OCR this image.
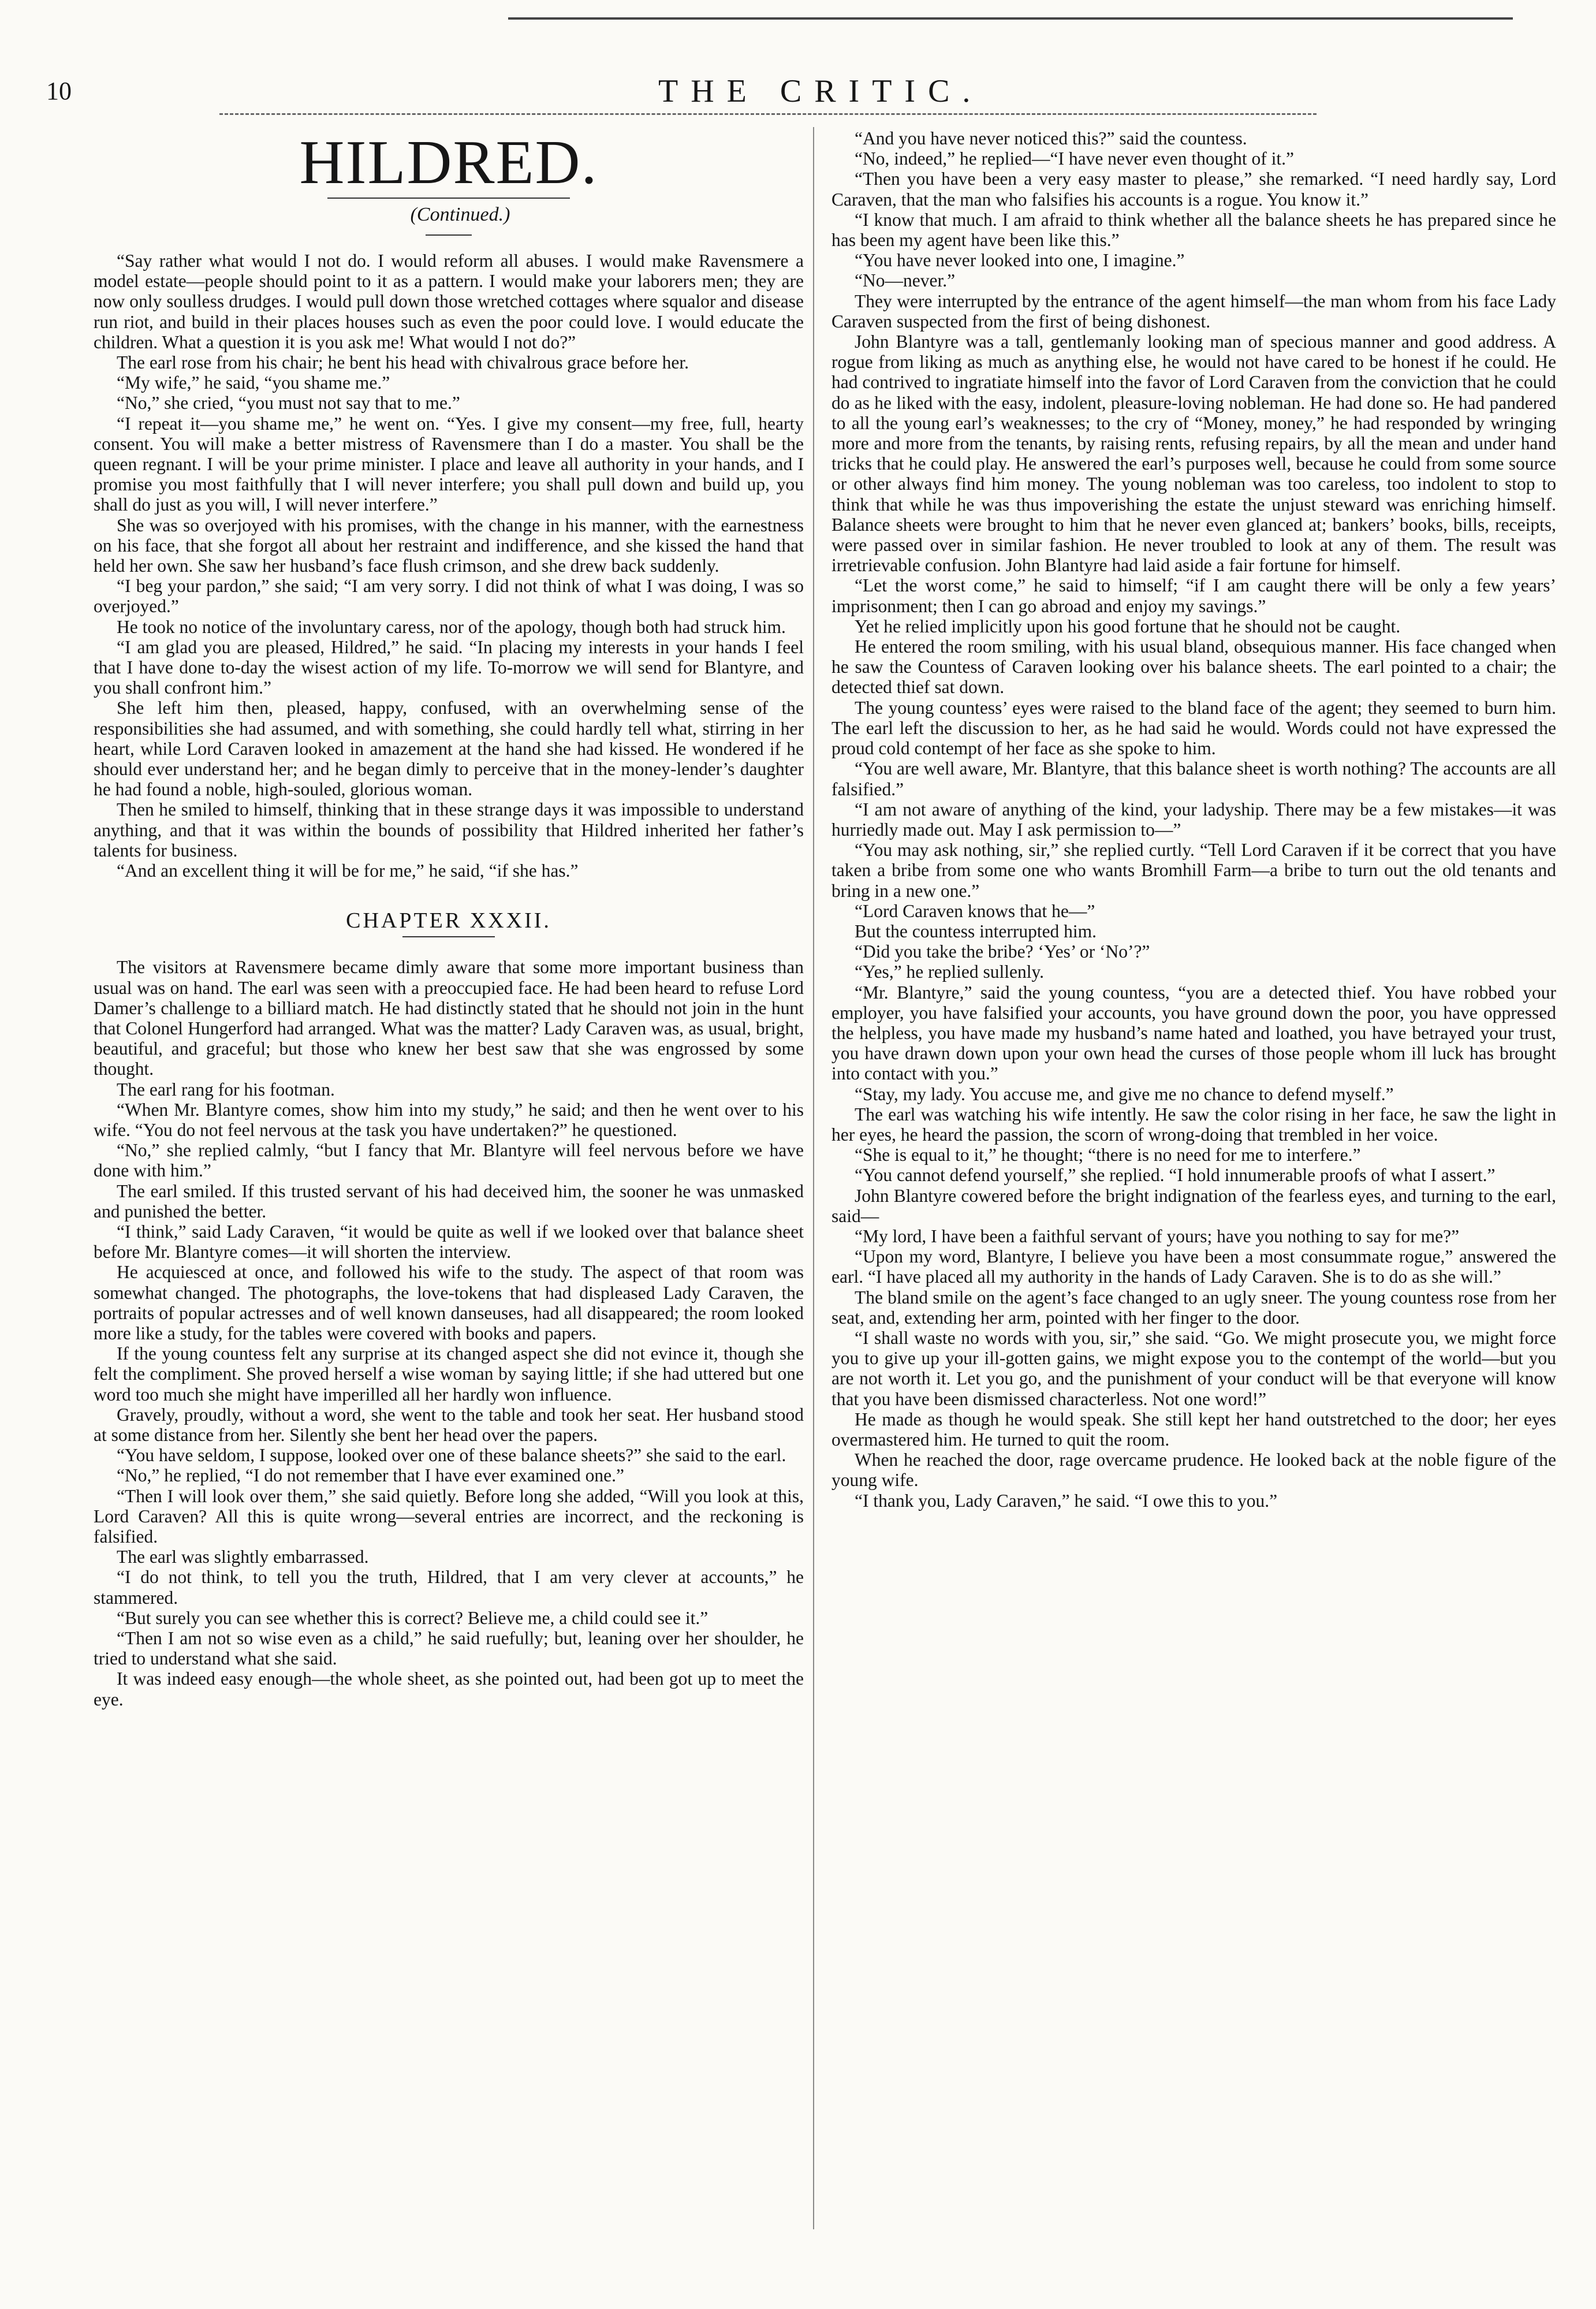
10	THE CRITIC.
HILDRED.

(Continued.)

“Say rather what would I not do. I would reform all abuses. I would make Ravensmere a model estate—people should point to it as a pattern. I would make your laborers men; they are now only soulless drudges. I would pull down those wretched cottages where squalor and disease run riot, and build in their places houses such as even the poor could love. I would educate the children. What a question it is you ask me! What would I not do?”

The earl rose from his chair; he bent his head with chivalrous grace before her.

“My wife,” he said, “you shame me.”

“No,” she cried, “you must not say that to me.”

“I repeat it—you shame me,” he went on. “Yes. I give my consent—my free, full, hearty consent. You will make a better mistress of Ravensmere than I do a master. You shall be the queen regnant. I will be your prime minister. I place and leave all authority in your hands, and I promise you most faithfully that I will never interfere; you shall pull down and build up, you shall do just as you will, I will never interfere.”

She was so overjoyed with his promises, with the change in his manner, with the earnestness on his face, that she forgot all about her restraint and indifference, and she kissed the hand that held her own. She saw her husband’s face flush crimson, and she drew back suddenly.

“I beg your pardon,” she said; “I am very sorry. I did not think of what I was doing, I was so overjoyed.”

He took no notice of the involuntary caress, nor of the apology, though both had struck him.

“I am glad you are pleased, Hildred,” he said. “In placing my interests in your hands I feel that I have done to-day the wisest action of my life. To-morrow we will send for Blantyre, and you shall confront him.”

She left him then, pleased, happy, confused, with an overwhelming sense of the responsibilities she had assumed, and with something, she could hardly tell what, stirring in her heart, while Lord Caraven looked in amazement at the hand she had kissed. He wondered if he should ever understand her; and he began dimly to perceive that in the money-lender’s daughter he had found a noble, high-souled, glorious woman.

Then he smiled to himself, thinking that in these strange days it was impossible to understand anything, and that it was within the bounds of possibility that Hildred inherited her father’s talents for business.

“And an excellent thing it will be for me,” he said, “if she has.”

CHAPTER XXXII.

The visitors at Ravensmere became dimly aware that some more important business than usual was on hand. The earl was seen with a preoccupied face. He had been heard to refuse Lord Damer’s challenge to a billiard match. He had distinctly stated that he should not join in the hunt that Colonel Hungerford had arranged. What was the matter? Lady Caraven was, as usual, bright, beautiful, and graceful; but those who knew her best saw that she was engrossed by some thought.

The earl rang for his footman.

“When Mr. Blantyre comes, show him into my study,” he said; and then he went over to his wife. “You do not feel nervous at the task you have undertaken?” he questioned.

“No,” she replied calmly, “but I fancy that Mr. Blantyre will feel nervous before we have done with him.”

The earl smiled. If this trusted servant of his had deceived him, the sooner he was unmasked and punished the better.

“I think,” said Lady Caraven, “it would be quite as well if we looked over that balance sheet before Mr. Blantyre comes—it will shorten the interview.

He acquiesced at once, and followed his wife to the study. The aspect of that room was somewhat changed. The photographs, the love-tokens that had displeased Lady Caraven, the portraits of popular actresses and of well known danseuses, had all disappeared; the room looked more like a study, for the tables were covered with books and papers.

If the young countess felt any surprise at its changed aspect she did not evince it, though she felt the compliment. She proved herself a wise woman by saying little; if she had uttered but one word too much she might have imperilled all her hardly won influence.

Gravely, proudly, without a word, she went to the table and took her seat. Her husband stood at some distance from her. Silently she bent her head over the papers.

“You have seldom, I suppose, looked over one of these balance sheets?” she said to the earl.

“No,” he replied, “I do not remember that I have ever examined one.”

“Then I will look over them,” she said quietly. Before long she added, “Will you look at this, Lord Caraven? All this is quite wrong—several entries are incorrect, and the reckoning is falsified.

The earl was slightly embarrassed.

“I do not think, to tell you the truth, Hildred, that I am very clever at accounts,” he stammered.

“But surely you can see whether this is correct? Believe me, a child could see it.”

“Then I am not so wise even as a child,” he said ruefully; but, leaning over her shoulder, he tried to understand what she said.

It was indeed easy enough—the whole sheet, as she pointed out, had been got up to meet the eye.

“And you have never noticed this?” said the countess.

“No, indeed,” he replied—“I have never even thought of it.”

“Then you have been a very easy master to please,” she remarked. “I need hardly say, Lord Caraven, that the man who falsifies his accounts is a rogue. You know it.”

“I know that much. I am afraid to think whether all the balance sheets he has prepared since he has been my agent have been like this.”

“You have never looked into one, I imagine.”

“No—never.”

They were interrupted by the entrance of the agent himself—the man whom from his face Lady Caraven suspected from the first of being dishonest.

John Blantyre was a tall, gentlemanly looking man of specious manner and good address. A rogue from liking as much as anything else, he would not have cared to be honest if he could. He had contrived to ingratiate himself into the favor of Lord Caraven from the conviction that he could do as he liked with the easy, indolent, pleasure-loving nobleman. He had done so. He had pandered to all the young earl’s weaknesses; to the cry of “Money, money,” he had responded by wringing more and more from the tenants, by raising rents, refusing repairs, by all the mean and under hand tricks that he could play. He answered the earl’s purposes well, because he could from some source or other always find him money. The young nobleman was too careless, too indolent to stop to think that while he was thus impoverishing the estate the unjust steward was enriching himself. Balance sheets were brought to him that he never even glanced at; bankers’ books, bills, receipts, were passed over in similar fashion. He never troubled to look at any of them. The result was irretrievable confusion. John Blantyre had laid aside a fair fortune for himself.

“Let the worst come,” he said to himself; “if I am caught there will be only a few years’ imprisonment; then I can go abroad and enjoy my savings.”

Yet he relied implicitly upon his good fortune that he should not be caught.

He entered the room smiling, with his usual bland, obsequious manner. His face changed when he saw the Countess of Caraven looking over his balance sheets. The earl pointed to a chair; the detected thief sat down.

The young countess’ eyes were raised to the bland face of the agent; they seemed to burn him. The earl left the discussion to her, as he had said he would. Words could not have expressed the proud cold contempt of her face as she spoke to him.

“You are well aware, Mr. Blantyre, that this balance sheet is worth nothing? The accounts are all falsified.”

“I am not aware of anything of the kind, your ladyship. There may be a few mistakes—it was hurriedly made out. May I ask permission to—”

“You may ask nothing, sir,” she replied curtly. “Tell Lord Caraven if it be correct that you have taken a bribe from some one who wants Bromhill Farm—a bribe to turn out the old tenants and bring in a new one.”

“Lord Caraven knows that he—”

But the countess interrupted him.

“Did you take the bribe? ‘Yes’ or ‘No’?”

“Yes,” he replied sullenly.

“Mr. Blantyre,” said the young countess, “you are a detected thief. You have robbed your employer, you have falsified your accounts, you have ground down the poor, you have oppressed the helpless, you have made my husband’s name hated and loathed, you have betrayed your trust, you have drawn down upon your own head the curses of those people whom ill luck has brought into contact with you.”

“Stay, my lady. You accuse me, and give me no chance to defend myself.”

The earl was watching his wife intently. He saw the color rising in her face, he saw the light in her eyes, he heard the passion, the scorn of wrong-doing that trembled in her voice.

“She is equal to it,” he thought; “there is no need for me to interfere.”

“You cannot defend yourself,” she replied. “I hold innumerable proofs of what I assert.”

John Blantyre cowered before the bright indignation of the fearless eyes, and turning to the earl, said—

“My lord, I have been a faithful servant of yours; have you nothing to say for me?”

“Upon my word, Blantyre, I believe you have been a most consummate rogue,” answered the earl. “I have placed all my authority in the hands of Lady Caraven. She is to do as she will.”

The bland smile on the agent’s face changed to an ugly sneer. The young countess rose from her seat, and, extending her arm, pointed with her finger to the door.

“I shall waste no words with you, sir,” she said. “Go. We might prosecute you, we might force you to give up your ill-gotten gains, we might expose you to the contempt of the world—but you are not worth it. Let you go, and the punishment of your conduct will be that everyone will know that you have been dismissed characterless. Not one word!”

He made as though he would speak. She still kept her hand outstretched to the door; her eyes overmastered him. He turned to quit the room.

When he reached the door, rage overcame prudence. He looked back at the noble figure of the young wife.

“I thank you, Lady Caraven,” he said. “I owe this to you.”
